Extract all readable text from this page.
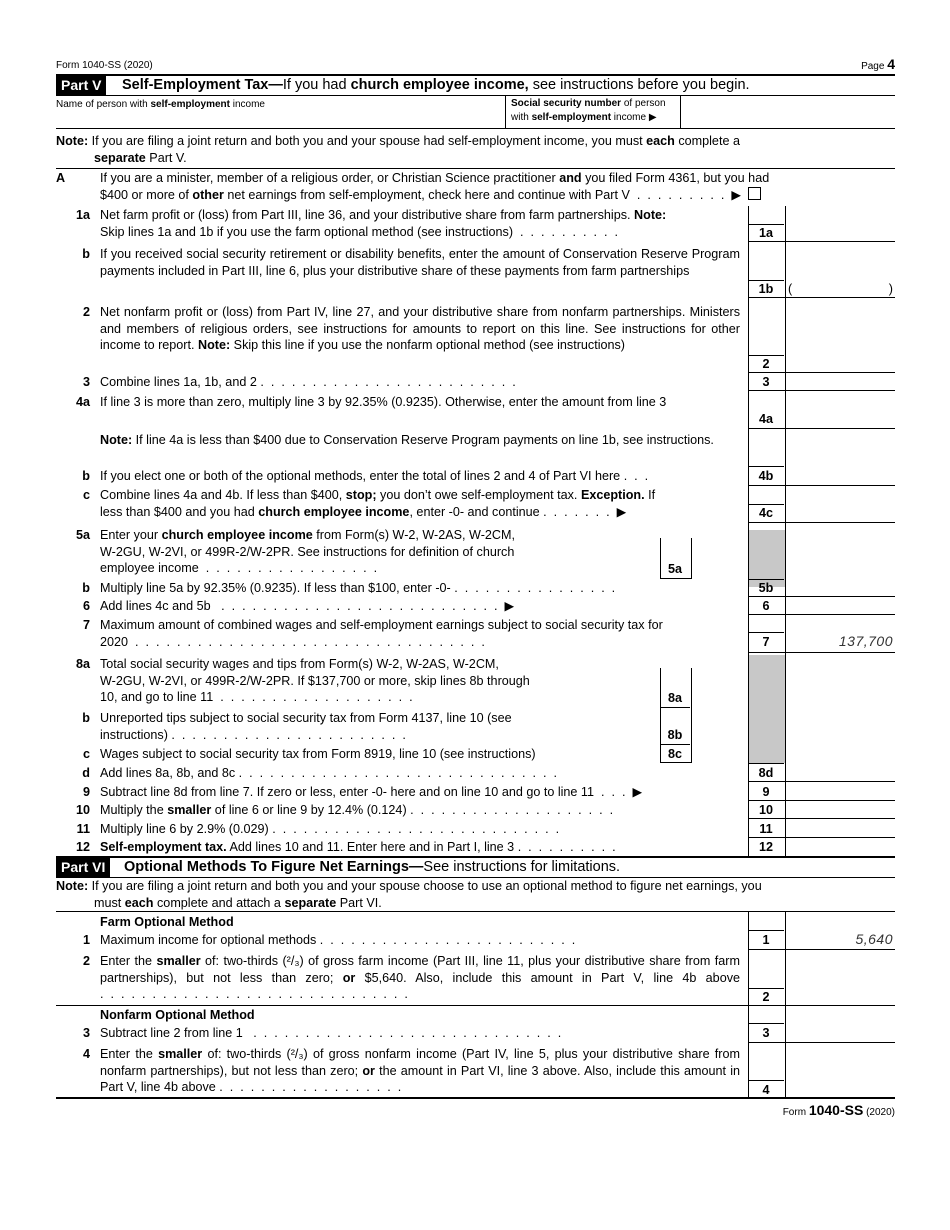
Form 1040-SS (2020)	Page 4
Part V	Self-Employment Tax—If you had church employee income, see instructions before you begin.
Name of person with self-employment income	Social security number of person
with self-employment income ▶
Note: If you are filing a joint return and both you and your spouse had self-employment income, you must each complete a
separate Part V.
A	If you are a minister, member of a religious order, or Christian Science practitioner and you filed Form 4361, but you had
$400 or more of other net earnings from self-employment, check here and continue with Part V  .  .  .  .  .  .  .  .  .  ▶
1a Net farm profit or (loss) from Part III, line 36, and your distributive share from farm partnerships. Note:
Skip lines 1a and 1b if you use the farm optional method (see instructions)  .  .  .  .  .  .  .  .  .  .	1a
b If you received social security retirement or disability benefits, enter the amount of Conservation Reserve Program payments included in Part III, line 6, plus your distributive share of these payments from farm partnerships
1b	(	)
2 Net nonfarm profit or (loss) from Part IV, line 27, and your distributive share from nonfarm partnerships. Ministers and members of religious orders, see instructions for amounts to report on this line. See instructions for other income to report. Note: Skip this line if you use the nonfarm optional method (see instructions)
2
3 Combine lines 1a, 1b, and 2 .  .  .  .  .  .  .  .  .  .  .  .  .  .  .  .  .  .  .  .  .  .  .  .  .	3
4a If line 3 is more than zero, multiply line 3 by 92.35% (0.9235). Otherwise, enter the amount from line 3
4a
Note: If line 4a is less than $400 due to Conservation Reserve Program payments on line 1b, see instructions.
b If you elect one or both of the optional methods, enter the total of lines 2 and 4 of Part VI here .  .  .	4b
c Combine lines 4a and 4b. If less than $400, stop; you don’t owe self-employment tax. Exception. If
less than $400 and you had church employee income, enter -0- and continue .  .  .  .  .  .  .  ▶	4c
5a Enter your church employee income from Form(s) W-2, W-2AS, W-2CM,
W-2GU, W-2VI, or 499R-2/W-2PR. See instructions for definition of church
employee income  .  .  .  .  .  .  .  .  .  .  .  .  .  .  .  .  .	5a
b Multiply line 5a by 92.35% (0.9235). If less than $100, enter -0- .  .  .  .  .  .  .  .  .  .  .  .  .  .  .  .	5b
6 Add lines 4c and 5b   .  .  .  .  .  .  .  .  .  .  .  .  .  .  .  .  .  .  .  .  .  .  .  .  .  .  .  ▶	6
7 Maximum amount of combined wages and self-employment earnings subject to social security tax for
2020  .  .  .  .  .  .  .  .  .  .  .  .  .  .  .  .  .  .  .  .  .  .  .  .  .  .  .  .  .  .  .  .  .  .	7	137,700
8a Total social security wages and tips from Form(s) W-2, W-2AS, W-2CM,
W-2GU, W-2VI, or 499R-2/W-2PR. If $137,700 or more, skip lines 8b through
10, and go to line 11  .  .  .  .  .  .  .  .  .  .  .  .  .  .  .  .  .  .  .	8a
b Unreported tips subject to social security tax from Form 4137, line 10 (see
instructions) .  .  .  .  .  .  .  .  .  .  .  .  .  .  .  .  .  .  .  .  .  .  .	8b
c Wages subject to social security tax from Form 8919, line 10 (see instructions)	8c
d Add lines 8a, 8b, and 8c .  .  .  .  .  .  .  .  .  .  .  .  .  .  .  .  .  .  .  .  .  .  .  .  .  .  .  .  .  .  .	8d
9 Subtract line 8d from line 7. If zero or less, enter -0- here and on line 10 and go to line 11  .  .  .  ▶	9
10 Multiply the smaller of line 6 or line 9 by 12.4% (0.124) .  .  .  .  .  .  .  .  .  .  .  .  .  .  .  .  .  .  .  .	10
11 Multiply line 6 by 2.9% (0.029) .  .  .  .  .  .  .  .  .  .  .  .  .  .  .  .  .  .  .  .  .  .  .  .  .  .  .  .	11
12 Self-employment tax. Add lines 10 and 11. Enter here and in Part I, line 3 .  .  .  .  .  .  .  .  .  .	12
Part VI	Optional Methods To Figure Net Earnings—See instructions for limitations.
Note: If you are filing a joint return and both you and your spouse choose to use an optional method to figure net earnings, you
must each complete and attach a separate Part VI.
Farm Optional Method
1 Maximum income for optional methods .  .  .  .  .  .  .  .  .  .  .  .  .  .  .  .  .  .  .  .  .  .  .  .  .	1	5,640
2 Enter the smaller of: two-thirds (²/₃) of gross farm income (Part III, line 11, plus your distributive share from farm partnerships), but not less than zero; or $5,640. Also, include this amount in Part V, line 4b above .  .  .  .  .  .  .  .  .  .  .  .  .  .  .  .  .  .  .  .  .  .  .  .  .  .  .  .  .  .	2
Nonfarm Optional Method
3 Subtract line 2 from line 1   .  .  .  .  .  .  .  .  .  .  .  .  .  .  .  .  .  .  .  .  .  .  .  .  .  .  .  .  .  .	3
4 Enter the smaller of: two-thirds (²/₃) of gross nonfarm income (Part IV, line 5, plus your distributive share from nonfarm partnerships), but not less than zero; or the amount in Part VI, line 3 above. Also, include this amount in Part V, line 4b above .  .  .  .  .  .  .  .  .  .  .  .  .  .  .  .  .  .	4
Form 1040-SS (2020)
